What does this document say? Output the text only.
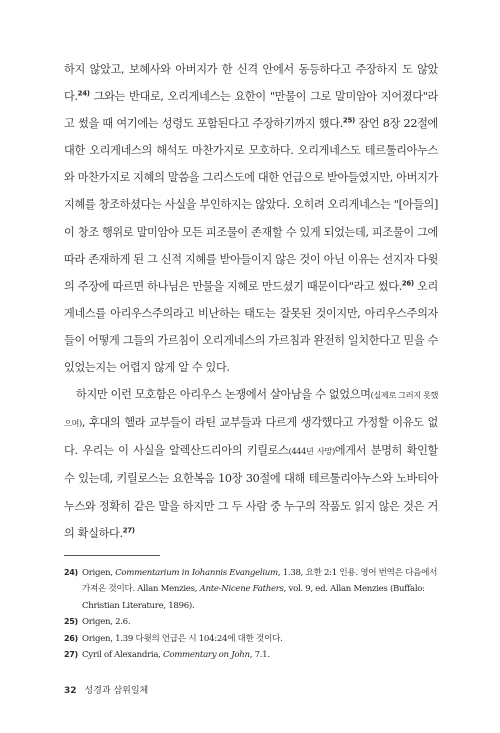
하지 않았고, 보혜사와 아버지가 한 신격 안에서 동등하다고 주장하지 도 않았다.$^{24)}$ 그와는 반대로, 오리게네스는 요한이 "만물이 그로 말미암아 지어졌다"라고 썼을 때 여기에는 성령도 포함된다고 주장하기까지 했다.$^{25)}$ 잠언 8장 22절에 대한 오리게네스의 해석도 마찬가지로 모호하다. 오리게네스도 테르툴리아누스와 마찬가지로 지혜의 말씀을 그리스도에 대한 언급으로 받아들였지만, 아버지가 지혜를 창조하셨다는 사실을 부인하지는 않았다. 오히려 오리게네스는 "[아들의] 이 창조 행위로 말미암아 모든 피조물이 존재할 수 있게 되었는데, 피조물이 그에 따라 존재하게 된 그 신적 지혜를 받아들이지 않은 것이 아닌 이유는 선지자 다윗의 주장에 따르면 하나님은 만물을 지혜로 만드셨기 때문이다"라고 썼다.$^{26)}$ 오리게네스를 아리우스주의라고 비난하는 태도는 잘못된 것이지만, 아리우스주의자들이 어떻게 그들의 가르침이 오리게네스의 가르침과 완전히 일치한다고 믿을 수 있었는지는 어렵지 않게 알 수 있다.

하지만 이런 모호함은 아리우스 논쟁에서 살아남을 수 없었으며(실제로 그러지 못했으며), 후대의 헬라 교부들이 라틴 교부들과 다르게 생각했다고 가정할 이유도 없다. 우리는 이 사실을 알렉산드리아의 키릴로스(444년 사망)에게서 분명히 확인할 수 있는데, 키릴로스는 요한복음 10장 30절에 대해 테르툴리아누스와 노바티아누스와 정확히 같은 말을 하지만 그 두 사람 중 누구의 작품도 읽지 않은 것은 거의 확실하다.$^{27)}$

24) Origen, Commentarium in Iohannis Evangelium, 1.38, 요한 2:1 인용. 영어 번역은 다음에서 가져온 것이다. Allan Menzies, Ante-Nicene Fathers, vol. 9, ed. Allan Menzies (Buffalo: Christian Literature, 1896).
25) Origen, 2.6.
26) Origen, 1.39 다윗의 언급은 시 104:24에 대한 것이다.
27) Cyril of Alexandria, Commentary on John, 7.1.
32 성경과 삼위일체
